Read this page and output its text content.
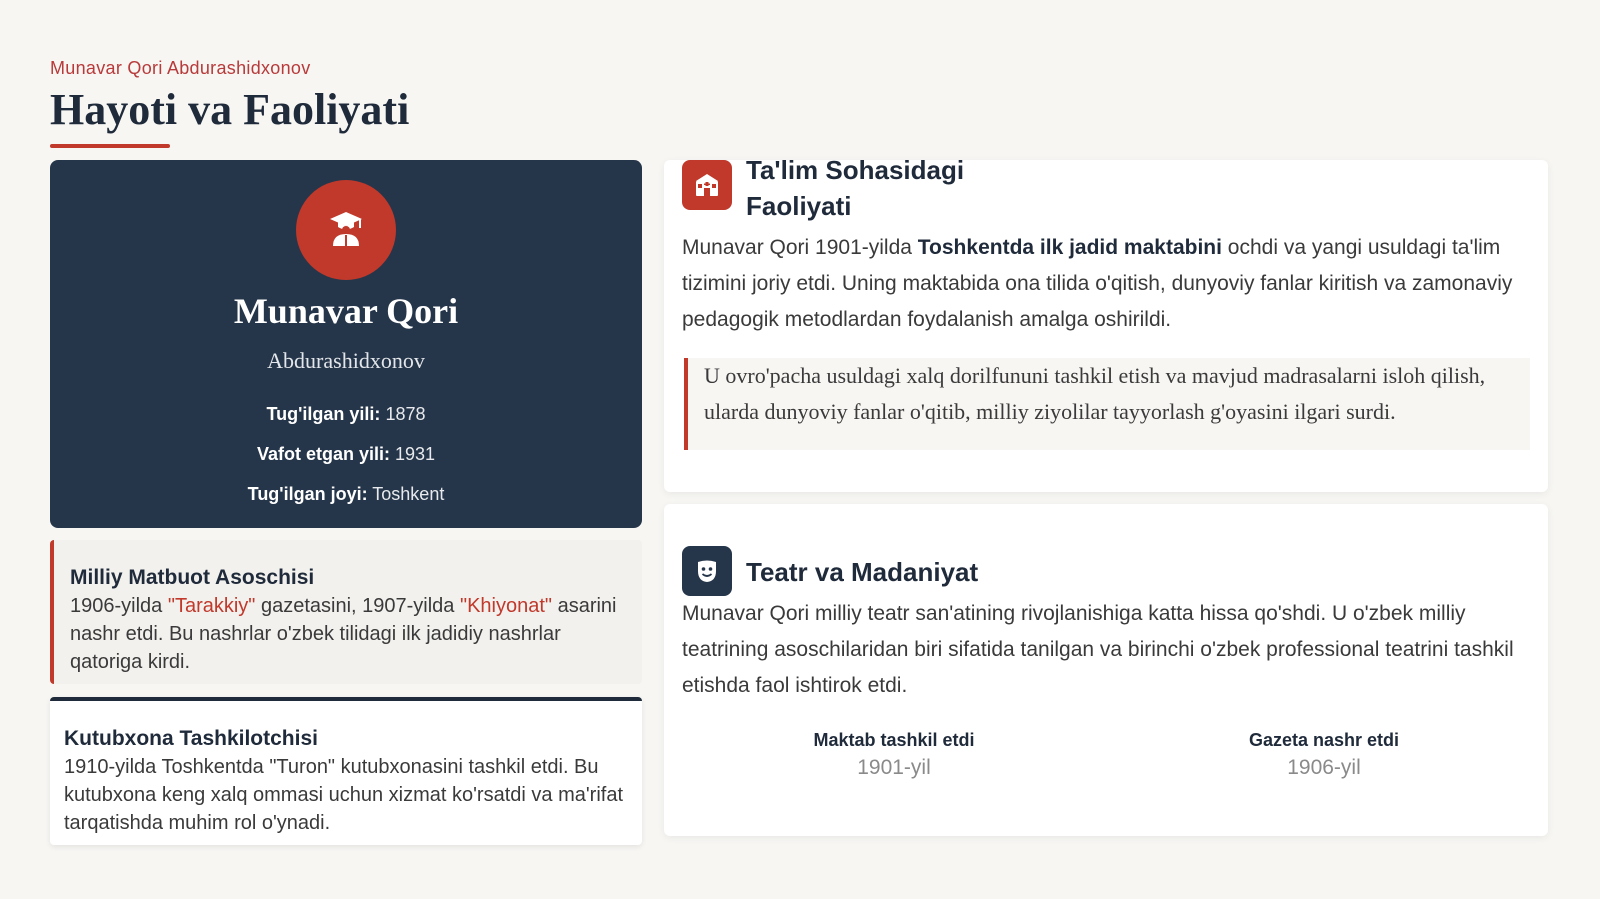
Munavar Qori Abdurashidxonov
Hayoti va Faoliyati
Munavar Qori
Abdurashidxonov
Tug'ilgan yili: 1878
Vafot etgan yili: 1931
Tug'ilgan joyi: Toshkent
Milliy Matbuot Asoschisi
1906-yilda "Tarakkiy" gazetasini, 1907-yilda "Khiyonat" asarini nashr etdi. Bu nashrlar o'zbek tilidagi ilk jadidiy nashrlar qatoriga kirdi.
Kutubxona Tashkilotchisi
1910-yilda Toshkentda "Turon" kutubxonasini tashkil etdi. Bu kutubxona keng xalq ommasi uchun xizmat ko'rsatdi va ma'rifat tarqatishda muhim rol o'ynadi.
Ta'lim Sohasidagi
Faoliyati
Munavar Qori 1901-yilda Toshkentda ilk jadid maktabini ochdi va yangi usuldagi ta'lim tizimini joriy etdi. Uning maktabida ona tilida o'qitish, dunyoviy fanlar kiritish va zamonaviy pedagogik metodlardan foydalanish amalga oshirildi.
U ovro'pacha usuldagi xalq dorilfununi tashkil etish va mavjud madrasalarni isloh qilish, ularda dunyoviy fanlar o'qitib, milliy ziyolilar tayyorlash g'oyasini ilgari surdi.
Teatr va Madaniyat
Munavar Qori milliy teatr san'atining rivojlanishiga katta hissa qo'shdi. U o'zbek milliy teatrining asoschilaridan biri sifatida tanilgan va birinchi o'zbek professional teatrini tashkil etishda faol ishtirok etdi.
Maktab tashkil etdi
1901-yil
Gazeta nashr etdi
1906-yil
